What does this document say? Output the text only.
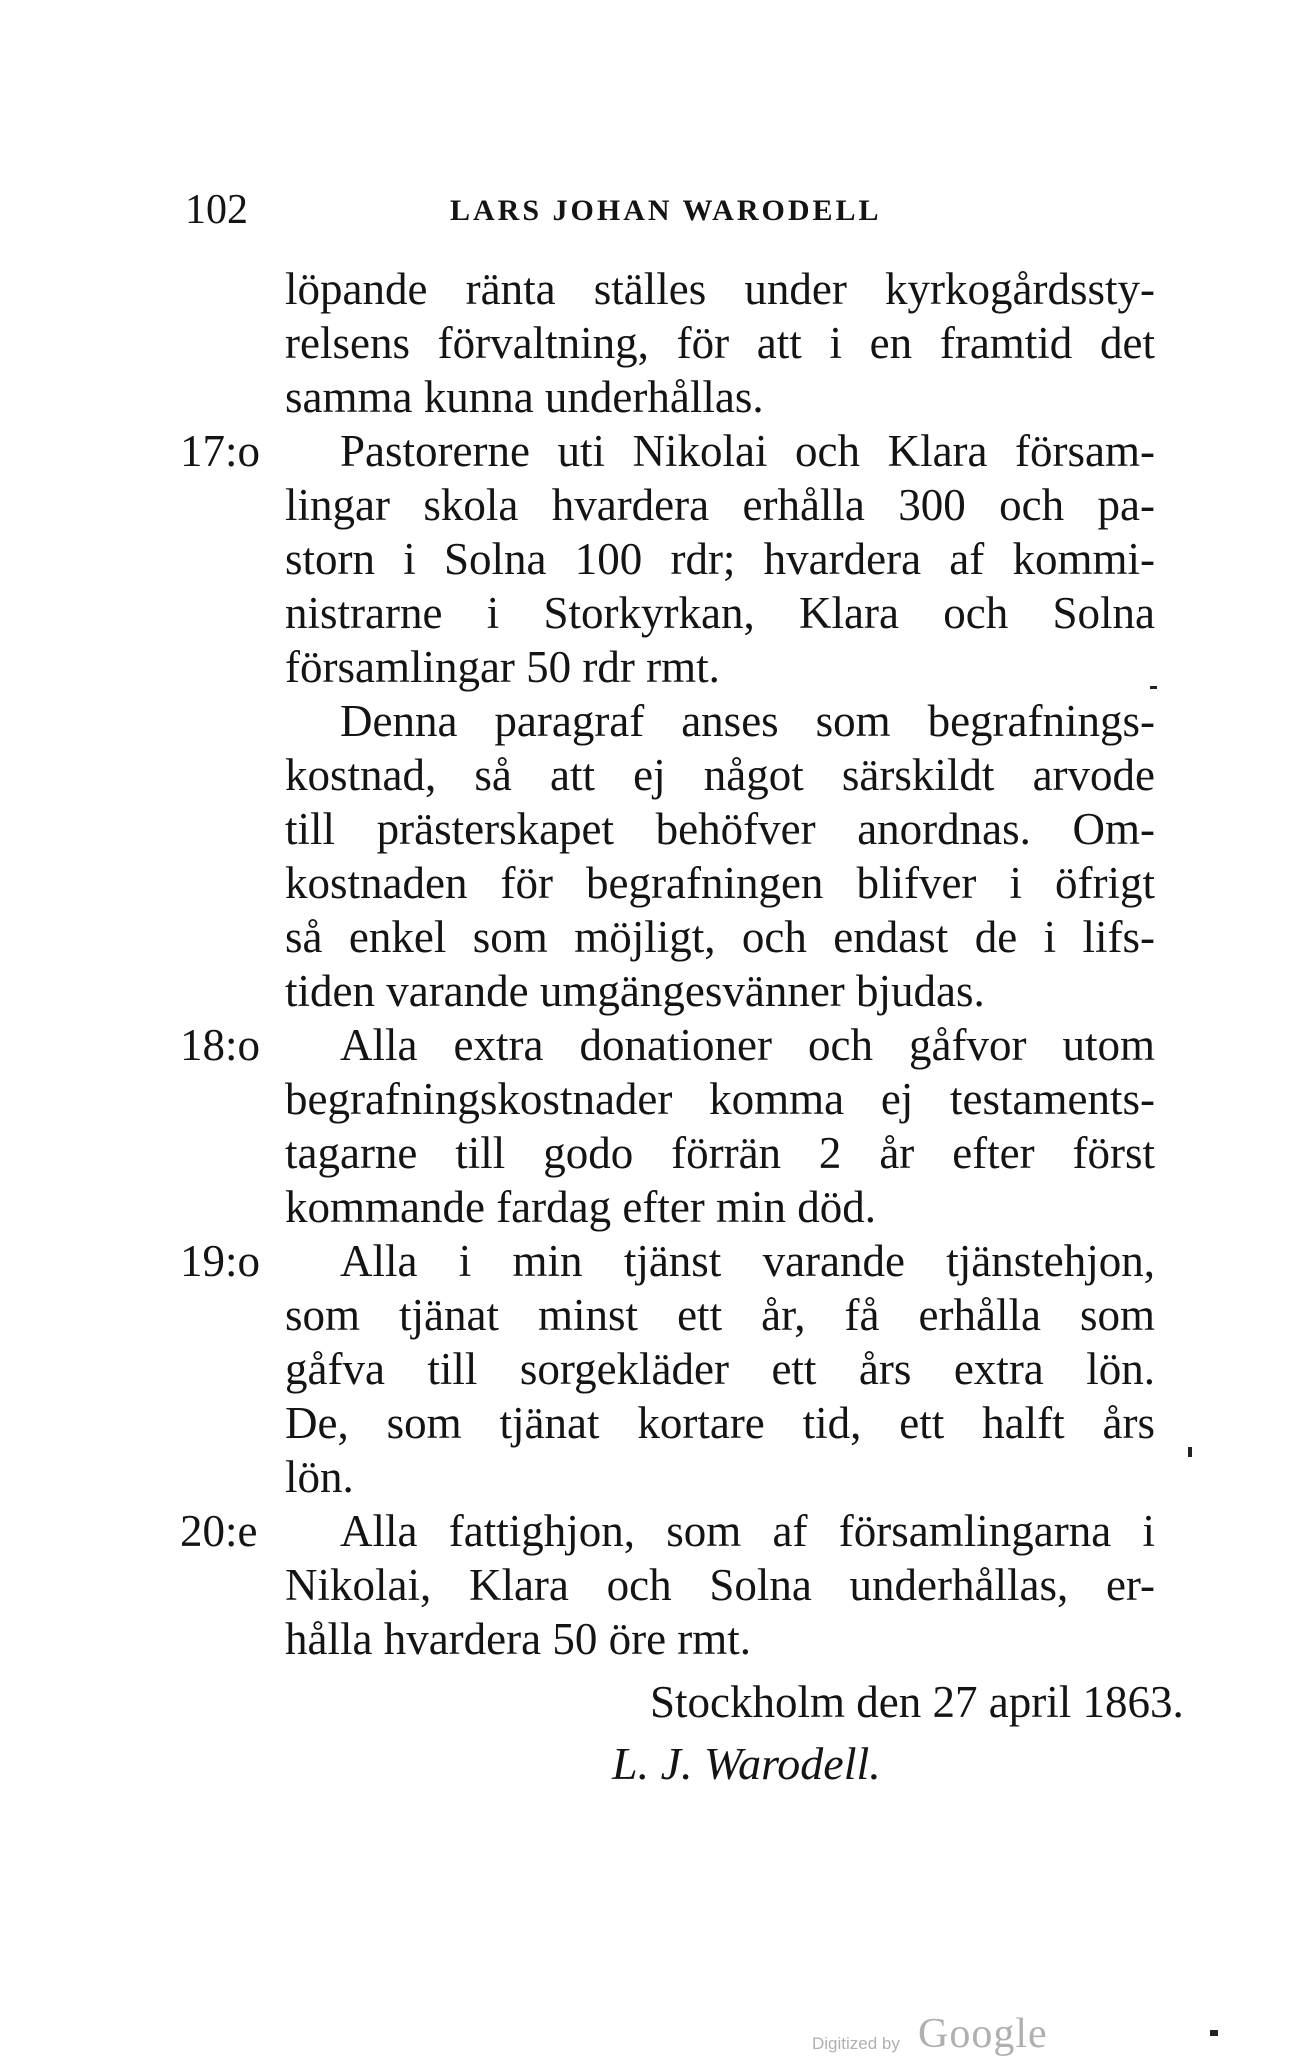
102	LARS JOHAN WARODELL
löpande ränta ställes under kyrkogårdssty-
relsens förvaltning, för att i en framtid det
samma kunna underhållas.
17:o	Pastorerne uti Nikolai och Klara försam-
lingar skola hvardera erhålla 300 och pa-
storn i Solna 100 rdr; hvardera af kommi-
nistrarne i Storkyrkan, Klara och Solna
församlingar 50 rdr rmt.
Denna paragraf anses som begrafnings-
kostnad, så att ej något särskildt arvode
till prästerskapet behöfver anordnas. Om-
kostnaden för begrafningen blifver i öfrigt
så enkel som möjligt, och endast de i lifs-
tiden varande umgängesvänner bjudas.
18:o	Alla extra donationer och gåfvor utom
begrafningskostnader komma ej testaments-
tagarne till godo förrän 2 år efter först
kommande fardag efter min död.
19:o	Alla i min tjänst varande tjänstehjon,
som tjänat minst ett år, få erhålla som
gåfva till sorgekläder ett års extra lön.
De, som tjänat kortare tid, ett halft års
lön.
20:e	Alla fattighjon, som af församlingarna i
Nikolai, Klara och Solna underhållas, er-
hålla hvardera 50 öre rmt.
Stockholm den 27 april 1863.
L. J. Warodell.
Digitized by Google
